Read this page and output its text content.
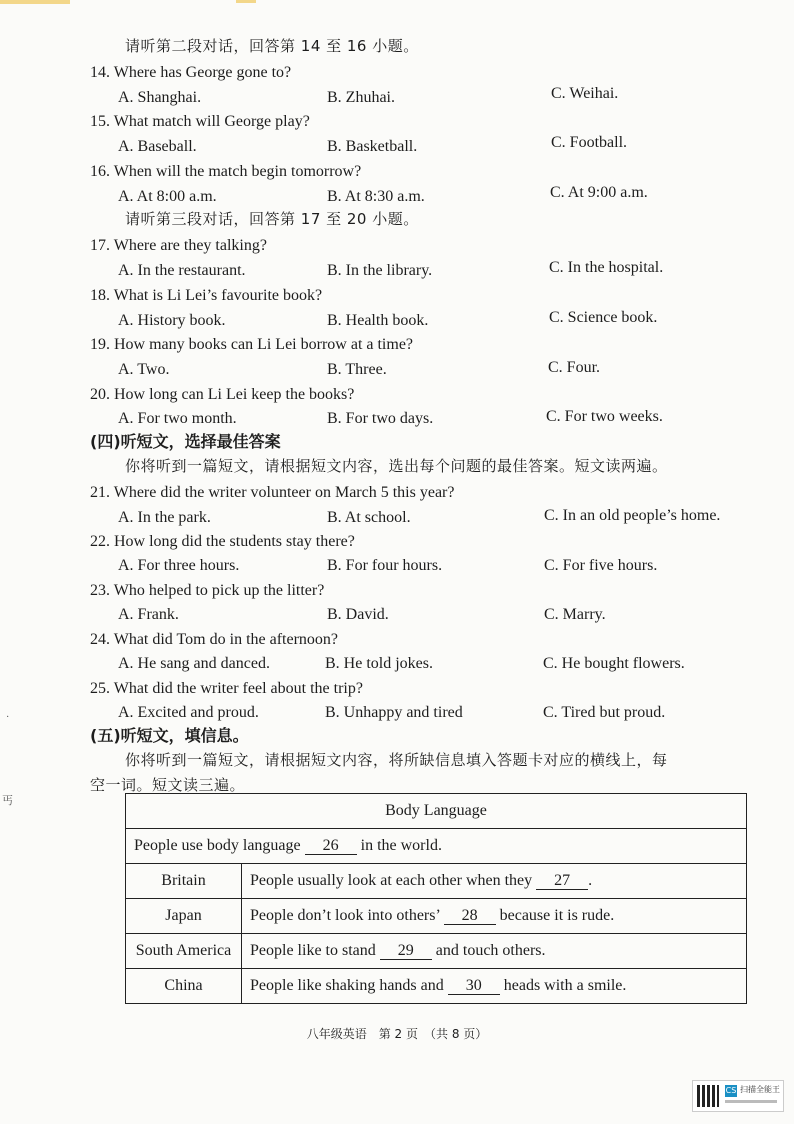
请听第二段对话，回答第 14 至 16 小题。
14. Where has George gone to?
A. Shanghai.	B. Zhuhai.	C. Weihai.
15. What match will George play?
A. Baseball.	B. Basketball.	C. Football.
16. When will the match begin tomorrow?
A. At 8:00 a.m.	B. At 8:30 a.m.	C. At 9:00 a.m.
请听第三段对话，回答第 17 至 20 小题。
17. Where are they talking?
A. In the restaurant.	B. In the library.	C. In the hospital.
18. What is Li Lei’s favourite book?
A. History book.	B. Health book.	C. Science book.
19. How many books can Li Lei borrow at a time?
A. Two.	B. Three.	C. Four.
20. How long can Li Lei keep the books?
A. For two month.	B. For two days.	C. For two weeks.
(四)听短文，选择最佳答案
你将听到一篇短文，请根据短文内容，选出每个问题的最佳答案。短文读两遍。
21. Where did the writer volunteer on March 5 this year?
A. In the park.	B. At school.	C. In an old people’s home.
22. How long did the students stay there?
A. For three hours.	B. For four hours.	C. For five hours.
23. Who helped to pick up the litter?
A. Frank.	B. David.	C. Marry.
24. What did Tom do in the afternoon?
A. He sang and danced.	B. He told jokes.	C. He bought flowers.
25. What did the writer feel about the trip?
A. Excited and proud.	B. Unhappy and tired	C. Tired but proud.
(五)听短文，填信息。
你将听到一篇短文，请根据短文内容，将所缺信息填入答题卡对应的横线上，每
空一词。短文读三遍。
Body Language	
People use body language 26 in the world.	
Britain	People usually look at each other when they 27 .
Japan	People don’t look into others’ 28 because it is rude.
South America	People like to stand 29 and touch others.
China	People like shaking hands and 30 heads with a smile.
八年级英语　第 2 页　（共 8 页）
·
丐
CS 扫描全能王
